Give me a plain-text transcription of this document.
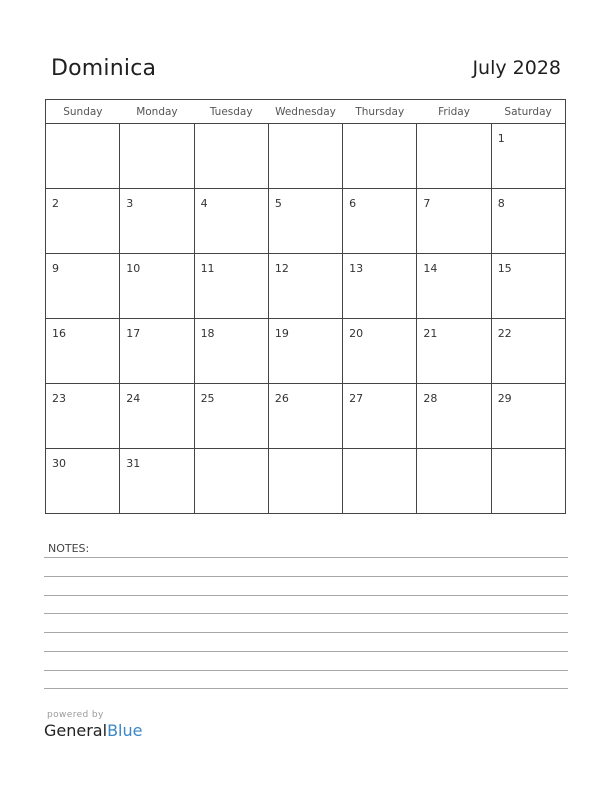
Dominica	July 2028
Sunday	Monday	Tuesday	Wednesday	Thursday	Friday	Saturday

						1

2	3	4	5	6	7	8

9	10	11	12	13	14	15

16	17	18	19	20	21	22

23	24	25	26	27	28	29

30	31					

NOTES:
powered by
GeneralBlue
